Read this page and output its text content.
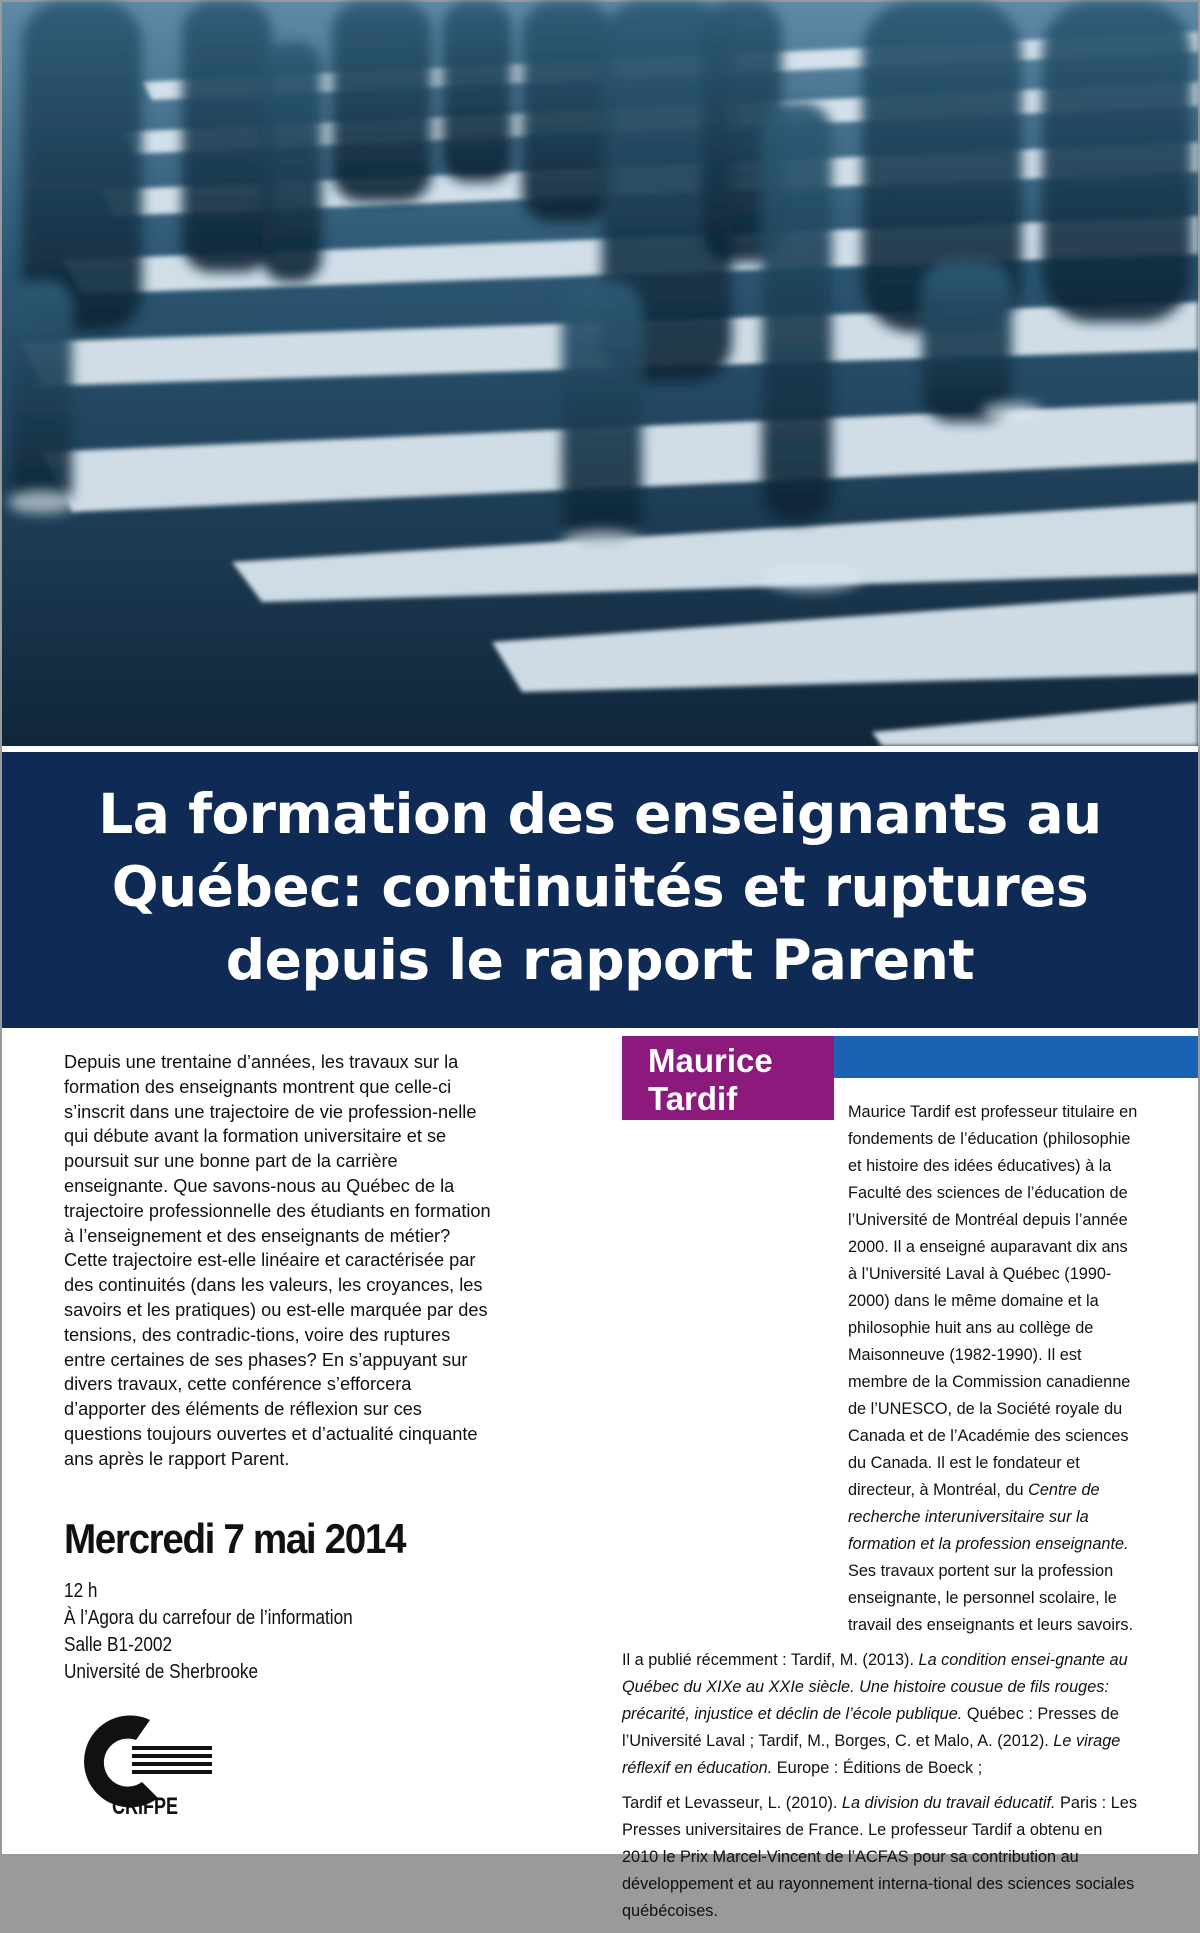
La formation des enseignants au
Québec: continuités et ruptures
depuis le rapport Parent

Depuis une trentaine d’années, les travaux sur la formation des enseignants montrent que celle-ci s’inscrit dans une trajectoire de vie profession-nelle qui débute avant la formation universitaire et se poursuit sur une bonne part de la carrière enseignante. Que savons-nous au Québec de la trajectoire professionnelle des étudiants en formation à l’enseignement et des enseignants de métier? Cette trajectoire est-elle linéaire et caractérisée par des continuités (dans les valeurs, les croyances, les savoirs et les pratiques) ou est-elle marquée par des tensions, des contradic-tions, voire des ruptures entre certaines de ses phases? En s’appuyant sur divers travaux, cette conférence s’efforcera d’apporter des éléments de réflexion sur ces questions toujours ouvertes et d’actualité cinquante ans après le rapport Parent.

Mercredi 7 mai 2014
12 h
À l’Agora du carrefour de l’information
Salle B1-2002
Université de Sherbrooke
CRIFPE
Maurice
Tardif	Maurice Tardif est professeur titulaire en fondements de l’éducation (philosophie et histoire des idées éducatives) à la Faculté des sciences de l’éducation de l’Université de Montréal depuis l’année 2000. Il a enseigné auparavant dix ans à l’Université Laval à Québec (1990-2000) dans le même domaine et la philosophie huit ans au collège de Maisonneuve (1982-1990). Il est membre de la Commission canadienne de l’UNESCO, de la Société royale du Canada et de l’Académie des sciences du Canada. Il est le fondateur et directeur, à Montréal, du Centre de recherche interuniversitaire sur la formation et la profession enseignante. Ses travaux portent sur la profession enseignante, le personnel scolaire, le travail des enseignants et leurs savoirs.

Il a publié récemment : Tardif, M. (2013). La condition ensei-gnante au Québec du XIXe au XXIe siècle. Une histoire cousue de fils rouges: précarité, injustice et déclin de l’école publique. Québec : Presses de l’Université Laval ; Tardif, M., Borges, C. et Malo, A. (2012). Le virage réflexif en éducation. Europe : Éditions de Boeck ;

Tardif et Levasseur, L. (2010). La division du travail éducatif. Paris : Les Presses universitaires de France. Le professeur Tardif a obtenu en 2010 le Prix Marcel-Vincent de l’ACFAS pour sa contribution au développement et au rayonnement interna-tional des sciences sociales québécoises.
